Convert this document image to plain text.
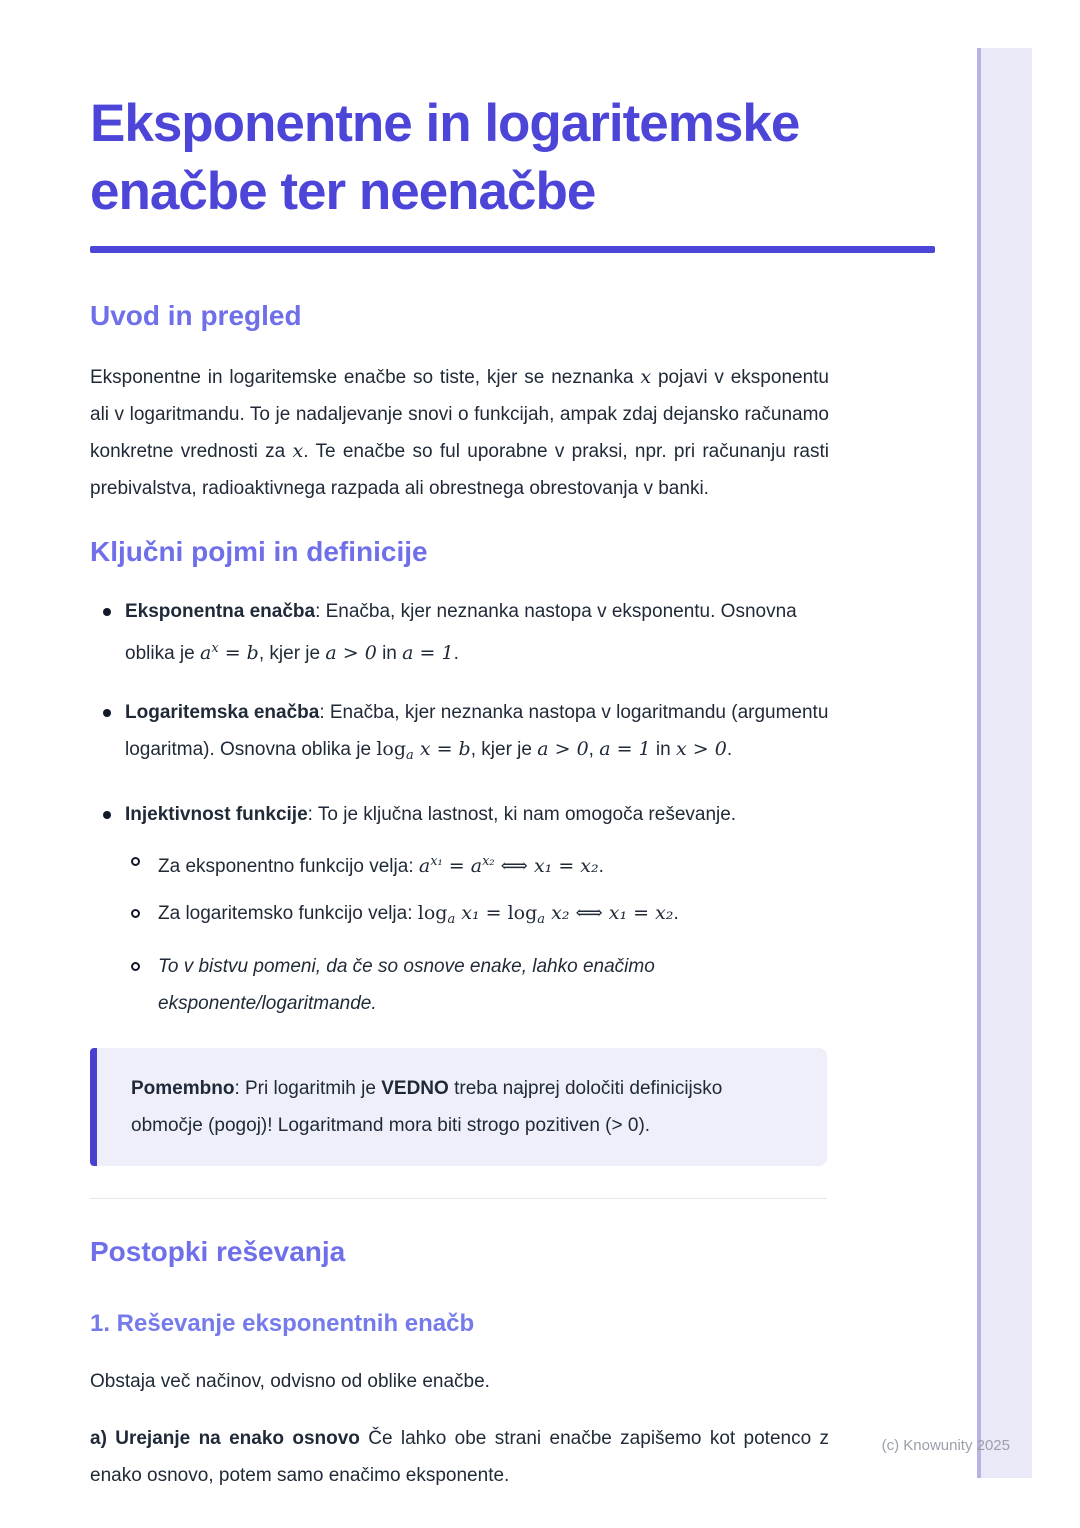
Eksponentne in logaritemske
enačbe ter neenačbe
Uvod in pregled

Eksponentne in logaritemske enačbe so tiste, kjer se neznanka x pojavi v eksponentu ali v logaritmandu. To je nadaljevanje snovi o funkcijah, ampak zdaj dejansko računamo konkretne vrednosti za x. Te enačbe so ful uporabne v praksi, npr. pri računanju rasti prebivalstva, radioaktivnega razpada ali obrestnega obrestovanja v banki.

Ključni pojmi in definicije
Eksponentna enačba: Enačba, kjer neznanka nastopa v eksponentu. Osnovna oblika je $a^x = b$, kjer je a > 0 in a = 1.
Logaritemska enačba: Enačba, kjer neznanka nastopa v logaritmandu (argumentu logaritma). Osnovna oblika je $\log_a x = b$, kjer je a > 0, a = 1 in x > 0.
Injektivnost funkcije: To je ključna lastnost, ki nam omogoča reševanje.
Za eksponentno funkcijo velja: $a^{x_1} = a^{x_2}$ ⟺ x₁ = x₂.
Za logaritemsko funkcijo velja: $\log_a x_1 = \log_a x_2$ ⟺ x₁ = x₂.
To v bistvu pomeni, da če so osnove enake, lahko enačimo eksponente/logaritmande.
Pomembno: Pri logaritmih je VEDNO treba najprej določiti definicijsko območje (pogoj)! Logaritmand mora biti strogo pozitiven (> 0).
Postopki reševanja
1. Reševanje eksponentnih enačb

Obstaja več načinov, odvisno od oblike enačbe.

a) Urejanje na enako osnovo Če lahko obe strani enačbe zapišemo kot potenco z enako osnovo, potem samo enačimo eksponente.

(c) Knowunity 2025
